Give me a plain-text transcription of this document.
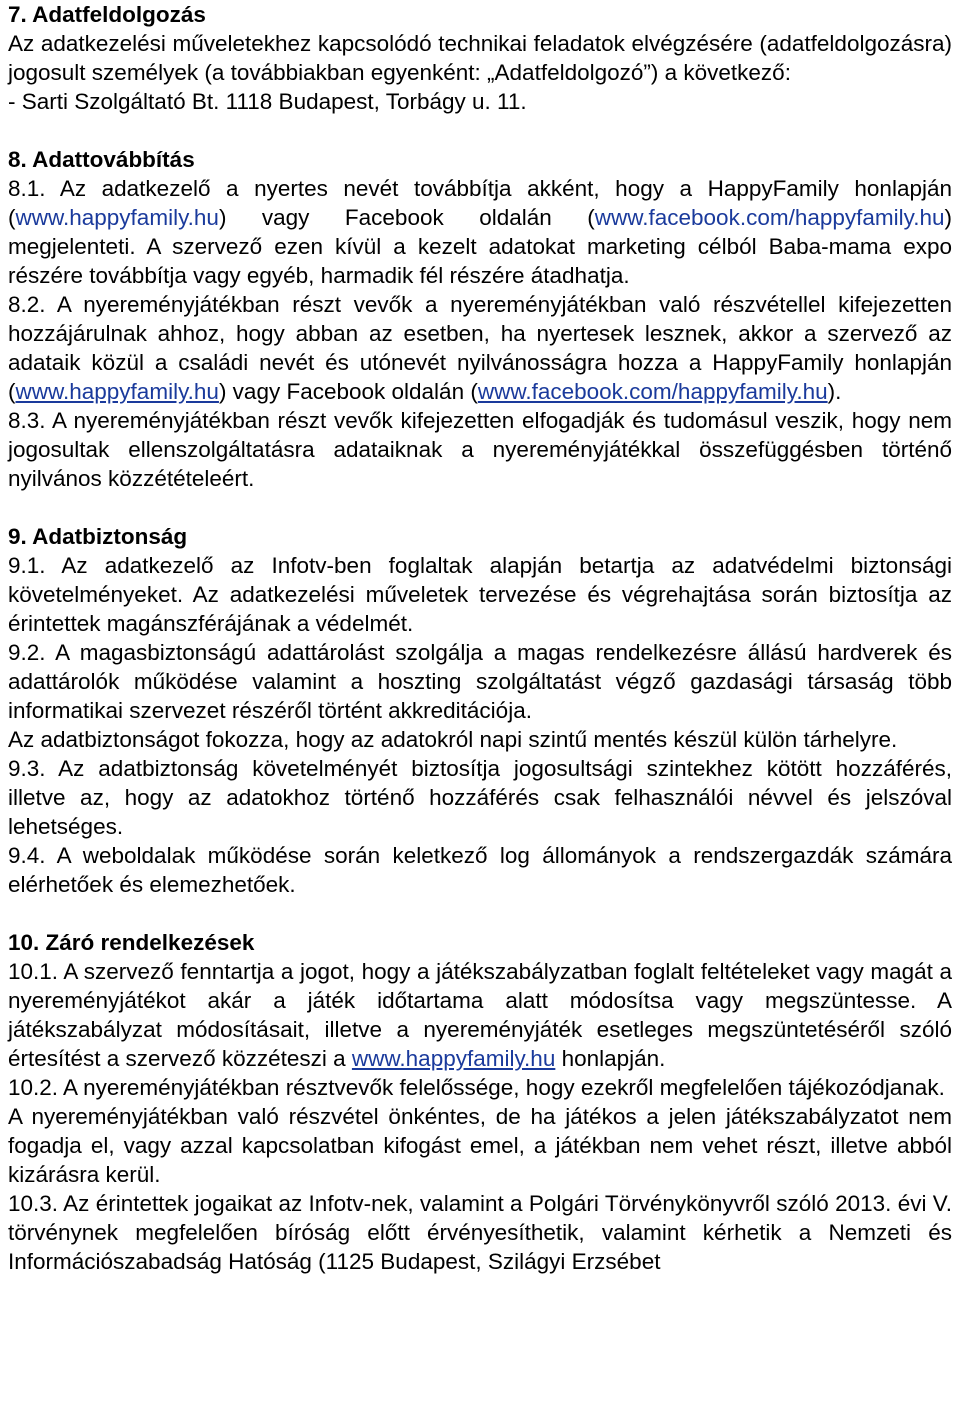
7. Adatfeldolgozás

Az adatkezelési műveletekhez kapcsolódó technikai feladatok elvégzésére (adatfeldolgozásra) jogosult személyek (a továbbiakban egyenként: „Adatfeldolgozó”) a következő:

- Sarti Szolgáltató Bt. 1118 Budapest, Torbágy u. 11.

8. Adattovábbítás

8.1. Az adatkezelő a nyertes nevét továbbítja akként, hogy a HappyFamily honlapján (www.happyfamily.hu) vagy Facebook oldalán (www.facebook.com/happyfamily.hu) megjelenteti. A szervező ezen kívül a kezelt adatokat marketing célból Baba-mama expo részére továbbítja vagy egyéb, harmadik fél részére átadhatja.

8.2. A nyereményjátékban részt vevők a nyereményjátékban való részvétellel kifejezetten hozzájárulnak ahhoz, hogy abban az esetben, ha nyertesek lesznek, akkor a szervező az adataik közül a családi nevét és utónevét nyilvánosságra hozza a HappyFamily honlapján (www.happyfamily.hu) vagy Facebook oldalán (www.facebook.com/happyfamily.hu).

8.3. A nyereményjátékban részt vevők kifejezetten elfogadják és tudomásul veszik, hogy nem jogosultak ellenszolgáltatásra adataiknak a nyereményjátékkal összefüggésben történő nyilvános közzétételeért.

9. Adatbiztonság

9.1. Az adatkezelő az Infotv-ben foglaltak alapján betartja az adatvédelmi biztonsági követelményeket. Az adatkezelési műveletek tervezése és végrehajtása során biztosítja az érintettek magánszférájának a védelmét.

9.2. A magasbiztonságú adattárolást szolgálja a magas rendelkezésre állású hardverek és adattárolók működése valamint a hoszting szolgáltatást végző gazdasági társaság több informatikai szervezet részéről történt akkreditációja.

Az adatbiztonságot fokozza, hogy az adatokról napi szintű mentés készül külön tárhelyre.

9.3. Az adatbiztonság követelményét biztosítja jogosultsági szintekhez kötött hozzáférés, illetve az, hogy az adatokhoz történő hozzáférés csak felhasználói névvel és jelszóval lehetséges.

9.4. A weboldalak működése során keletkező log állományok a rendszergazdák számára elérhetőek és elemezhetőek.

10. Záró rendelkezések

10.1. A szervező fenntartja a jogot, hogy a játékszabályzatban foglalt feltételeket vagy magát a nyereményjátékot akár a játék időtartama alatt módosítsa vagy megszüntesse. A játékszabályzat módosításait, illetve a nyereményjáték esetleges megszüntetéséről szóló értesítést a szervező közzéteszi a www.happyfamily.hu honlapján.

10.2. A nyereményjátékban résztvevők felelőssége, hogy ezekről megfelelően tájékozódjanak.

A nyereményjátékban való részvétel önkéntes, de ha játékos a jelen játékszabályzatot nem fogadja el, vagy azzal kapcsolatban kifogást emel, a játékban nem vehet részt, illetve abból kizárásra kerül.

10.3. Az érintettek jogaikat az Infotv-nek, valamint a Polgári Törvénykönyvről szóló 2013. évi V. törvénynek megfelelően bíróság előtt érvényesíthetik, valamint kérhetik a Nemzeti és Információszabadság Hatóság (1125 Budapest, Szilágyi Erzsébet
